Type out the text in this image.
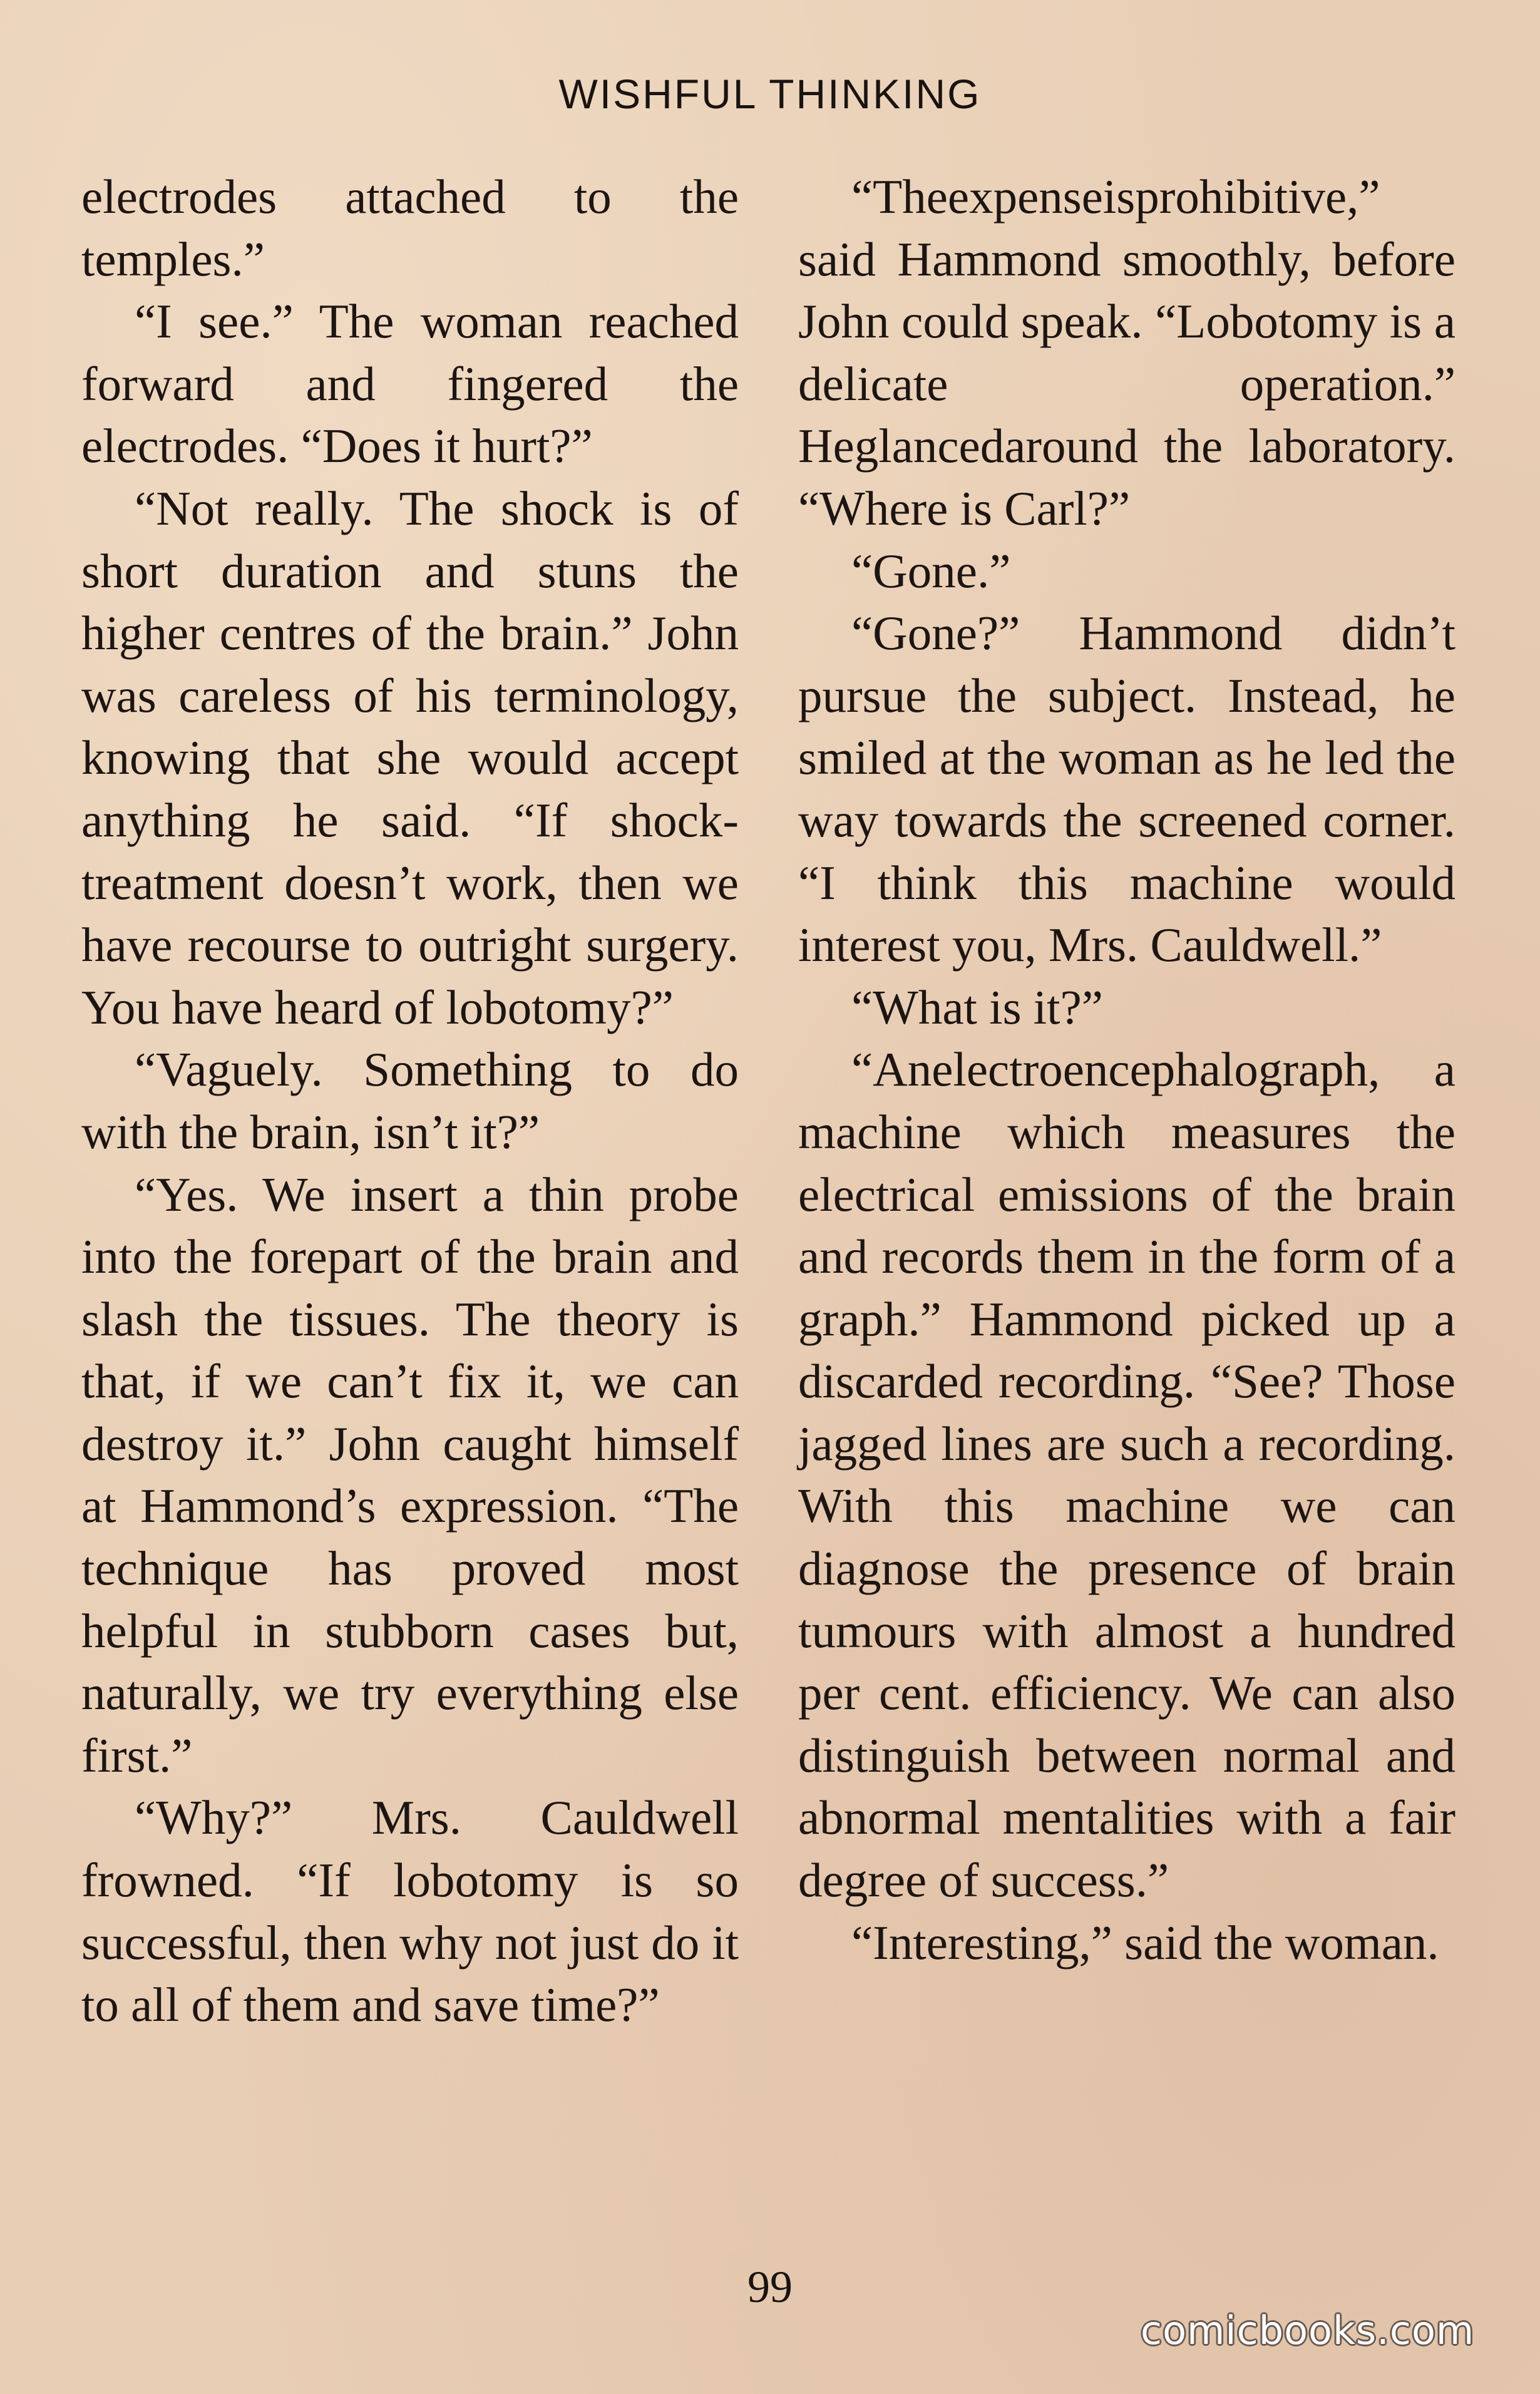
WISHFUL THINKING

electrodes attached to the temples.”

“I see.” The woman reached forward and fingered the electrodes. “Does it hurt?”

“Not really. The shock is of short duration and stuns the higher centres of the brain.” John was careless of his terminology, knowing that she would accept anything he said. “If shock-treatment doesn’t work, then we have recourse to outright surgery. You have heard of lobotomy?”

“Vaguely. Something to do with the brain, isn’t it?”

“Yes. We insert a thin probe into the forepart of the brain and slash the tissues. The theory is that, if we can’t fix it, we can destroy it.” John caught himself at Hammond’s expression. “The technique has proved most helpful in stubborn cases but, naturally, we try everything else first.”

“Why?” Mrs. Cauldwell frowned. “If lobotomy is so successful, then why not just do it to all of them and save time?”

“Theexpenseisprohibitive,” said Hammond smoothly, before John could speak. “Lobotomy is a delicate operation.” Heglancedaround the laboratory. “Where is Carl?”

“Gone.”

“Gone?” Hammond didn’t pursue the subject. Instead, he smiled at the woman as he led the way towards the screened corner. “I think this machine would interest you, Mrs. Cauldwell.”

“What is it?”

“Anelectroencephalograph, a machine which measures the electrical emissions of the brain and records them in the form of a graph.” Hammond picked up a discarded recording. “See? Those jagged lines are such a recording. With this machine we can diagnose the presence of brain tumours with almost a hundred per cent. efficiency. We can also distinguish between normal and abnormal mentalities with a fair degree of success.”

“Interesting,” said the woman.

99
comicbooks.com
